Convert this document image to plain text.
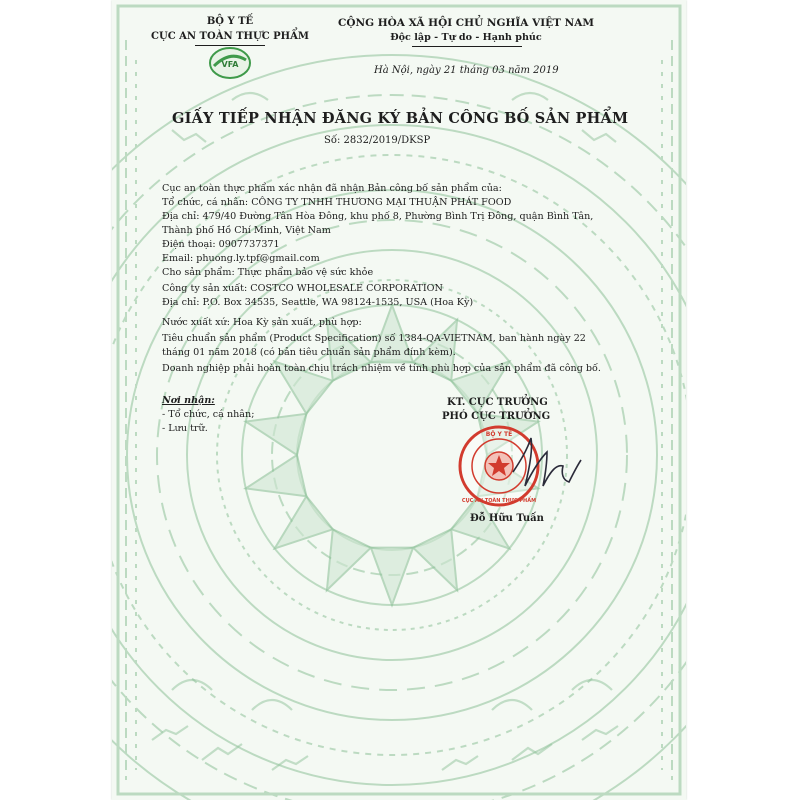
BỘ Y TẾ
CỤC AN TOÀN THỰC PHẨM
VFA
CỘNG HÒA XÃ HỘI CHỦ NGHĨA VIỆT NAM
Độc lập - Tự do - Hạnh phúc
Hà Nội, ngày 21 tháng 03 năm 2019
GIẤY TIẾP NHẬN ĐĂNG KÝ BẢN CÔNG BỐ SẢN PHẨM
Số: 2832/2019/DKSP
Cục an toàn thực phẩm xác nhận đã nhận Bản công bố sản phẩm của:
Tổ chức, cá nhân: CÔNG TY TNHH THƯƠNG MẠI THUẬN PHÁT FOOD
Địa chỉ: 479/40 Đường Tân Hòa Đông, khu phố 8, Phường Bình Trị Đông, quận Bình Tân,
Thành phố Hồ Chí Minh, Việt Nam
Điện thoại: 0907737371
Email: phuong.ly.tpf@gmail.com
Cho sản phẩm: Thực phẩm bảo vệ sức khỏe
Công ty sản xuất: COSTCO WHOLESALE CORPORATION
Địa chỉ: P.O. Box 34535, Seattle, WA 98124-1535, USA (Hoa Kỳ)
Nước xuất xứ: Hoa Kỳ sản xuất, phù hợp:
Tiêu chuẩn sản phẩm (Product Specification) số 1384-QA-VIETNAM, ban hành ngày 22
tháng 01 năm 2018 (có bản tiêu chuẩn sản phẩm đính kèm).
Doanh nghiệp phải hoàn toàn chịu trách nhiệm về tính phù hợp của sản phẩm đã công bố.
Nơi nhận:
- Tổ chức, cá nhân;
- Lưu trữ.
KT. CỤC TRƯỞNG
PHÓ CỤC TRƯỞNG
BỘ Y TẾ
CỤC AN TOÀN THỰC PHẨM
Đỗ Hữu Tuấn
